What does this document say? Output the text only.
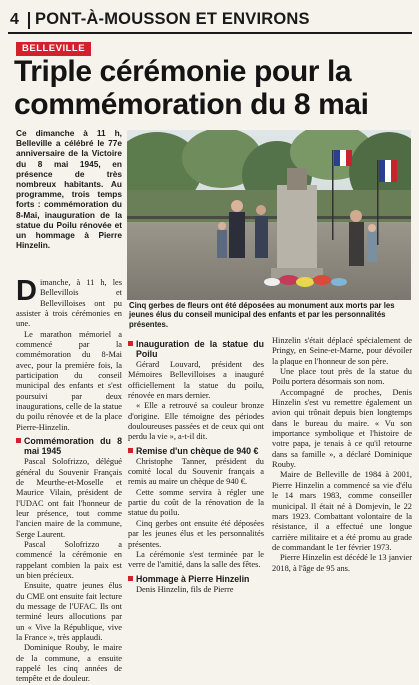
4 PONT-À-MOUSSON ET ENVIRONS
BELLEVILLE
Triple cérémonie pour la commémoration du 8 mai

Ce dimanche à 11 h, Belleville a célébré le 77e anniversaire de la Victoire du 8 mai 1945, en présence de très nombreux habitants. Au programme, trois temps forts : commémoration du 8-Mai, inauguration de la statue du Poilu rénovée et un hommage à Pierre Hinzelin.

Cinq gerbes de fleurs ont été déposées au monument aux morts par les jeunes élus du conseil municipal des enfants et par les personnalités présentes.

Dimanche, à 11 h, les Bellevillois et Bellevilloises ont pu assister à trois cérémonies en une.

Le marathon mémoriel a commencé par la commémoration du 8-Mai avec, pour la première fois, la participation du conseil municipal des enfants et s'est poursuivi par deux inaugurations, celle de la statue du poilu rénovée et de la place Pierre-Hinzelin.

Commémoration du 8 mai 1945

Pascal Solofrizzo, délégué général du Souvenir Français de Meurthe-et-Moselle et Maurice Vilain, président de l'UDAC ont fait l'honneur de leur présence, tout comme l'ancien maire de la commune, Serge Laurent.

Pascal Solofrizzo a commencé la cérémonie en rappelant combien la paix est un bien précieux.

Ensuite, quatre jeunes élus du CME ont ensuite fait lecture du message de l'UFAC. Ils ont terminé leurs allocutions par un « Vive la République, vive la France », très applaudi.

Dominique Rouby, le maire de la commune, a ensuite rappelé les cinq années de tempête et de douleur.

Inauguration de la statue du Poilu

Gérard Louvard, président des Mémoires Bellevilloises a inauguré officiellement la statue du poilu, rénovée en mars dernier.

« Elle a retrouvé sa couleur bronze d'origine. Elle témoigne des périodes douloureuses passées et de ceux qui ont perdu la vie », a-t-il dit.

Remise d'un chèque de 940 €

Christophe Tanner, président du comité local du Souvenir français a remis au maire un chèque de 940 €.

Cette somme servira à régler une partie du coût de la rénovation de la statue du poilu.

Cinq gerbes ont ensuite été déposées par les jeunes élus et les personnalités présentes.

La cérémonie s'est terminée par le verre de l'amitié, dans la salle des fêtes.

Hommage à Pierre Hinzelin

Denis Hinzelin, fils de Pierre

Hinzelin s'était déplacé spécialement de Pringy, en Seine-et-Marne, pour dévoiler la plaque en l'honneur de son père.

Une place tout près de la statue du Poilu portera désormais son nom.

Accompagné de proches, Denis Hinzelin s'est vu remettre également un avion qui trônait depuis bien longtemps dans le bureau du maire. « Vu son importance symbolique et l'histoire de votre papa, je tenais à ce qu'il retourne dans sa famille », a déclaré Dominique Rouby.

Maire de Belleville de 1984 à 2001, Pierre Hinzelin a commencé sa vie d'élu le 14 mars 1983, comme conseiller municipal. Il était né à Domjevin, le 22 mars 1923. Combattant volontaire de la résistance, il a effectué une longue carrière militaire et a été promu au grade de commandant le 1er février 1973.

Pierre Hinzelin est décédé le 13 janvier 2018, à l'âge de 95 ans.
